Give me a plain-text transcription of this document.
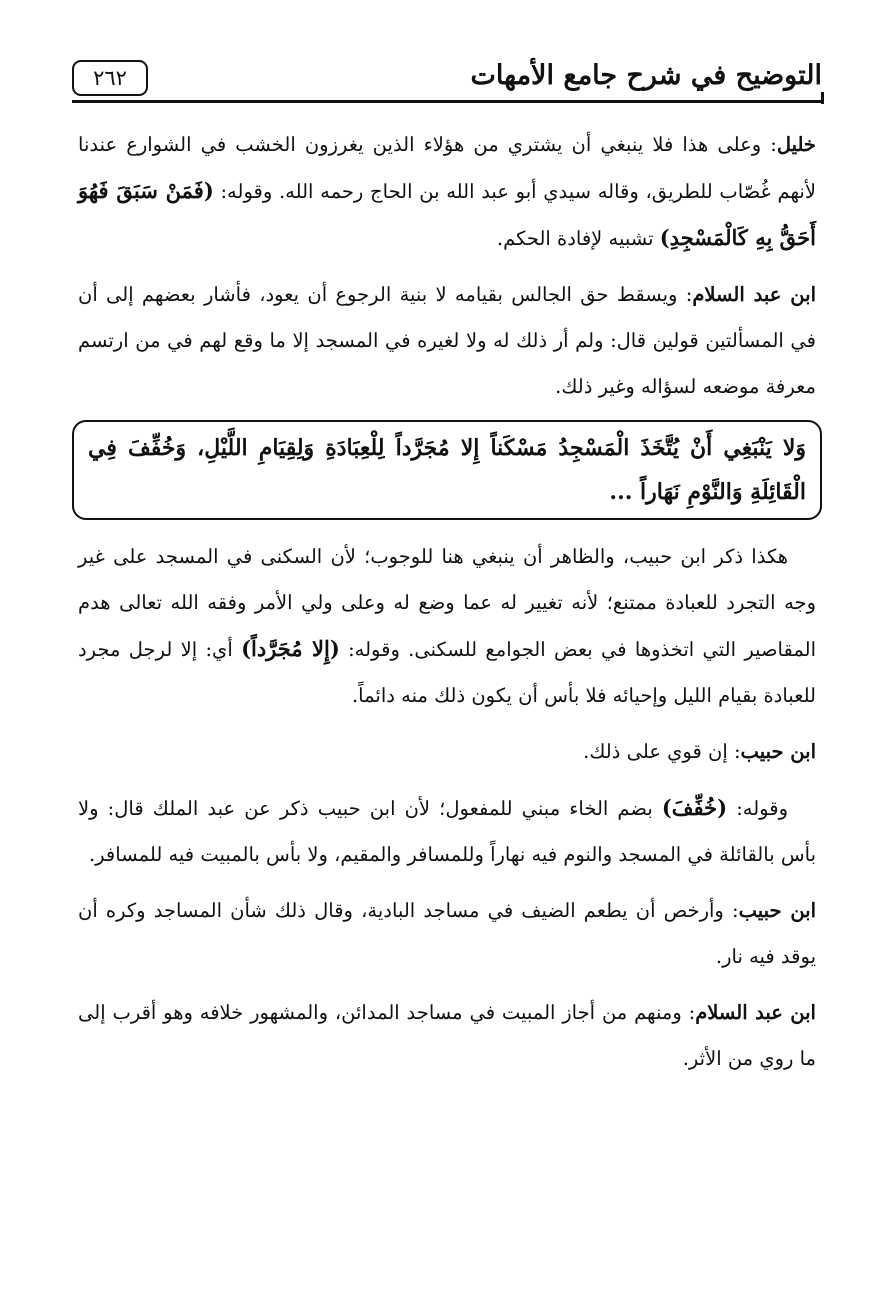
التوضيح في شرح جامع الأمهات
٢٦٢

خليل: وعلى هذا فلا ينبغي أن يشتري من هؤلاء الذين يغرزون الخشب في الشوارع عندنا لأنهم غُصّاب للطريق، وقاله سيدي أبو عبد الله بن الحاج رحمه الله. وقوله: (فَمَنْ سَبَقَ فَهُوَ أَحَقُّ بِهِ كَالْمَسْجِدِ) تشبيه لإفادة الحكم.

ابن عبد السلام: ويسقط حق الجالس بقيامه لا بنية الرجوع أن يعود، فأشار بعضهم إلى أن في المسألتين قولين قال: ولم أر ذلك له ولا لغيره في المسجد إلا ما وقع لهم في من ارتسم معرفة موضعه لسؤاله وغير ذلك.

وَلا يَنْبَغِي أَنْ يُتَّخَذَ الْمَسْجِدُ مَسْكَناً إِلا مُجَرَّداً لِلْعِبَادَةِ وَلِقِيَامِ اللَّيْلِ، وَخُفِّفَ فِي الْقَائِلَةِ وَالنَّوْمِ نَهَاراً ...

هكذا ذكر ابن حبيب، والظاهر أن ينبغي هنا للوجوب؛ لأن السكنى في المسجد على غير وجه التجرد للعبادة ممتنع؛ لأنه تغيير له عما وضع له وعلى ولي الأمر وفقه الله تعالى هدم المقاصير التي اتخذوها في بعض الجوامع للسكنى. وقوله: (إِلا مُجَرَّداً) أي: إلا لرجل مجرد للعبادة بقيام الليل وإحيائه فلا بأس أن يكون ذلك منه دائماً.

ابن حبيب: إن قوي على ذلك.

وقوله: (خُفِّفَ) بضم الخاء مبني للمفعول؛ لأن ابن حبيب ذكر عن عبد الملك قال: ولا بأس بالقائلة في المسجد والنوم فيه نهاراً وللمسافر والمقيم، ولا بأس بالمبيت فيه للمسافر.

ابن حبيب: وأرخص أن يطعم الضيف في مساجد البادية، وقال ذلك شأن المساجد وكره أن يوقد فيه نار.

ابن عبد السلام: ومنهم من أجاز المبيت في مساجد المدائن، والمشهور خلافه وهو أقرب إلى ما روي من الأثر.
